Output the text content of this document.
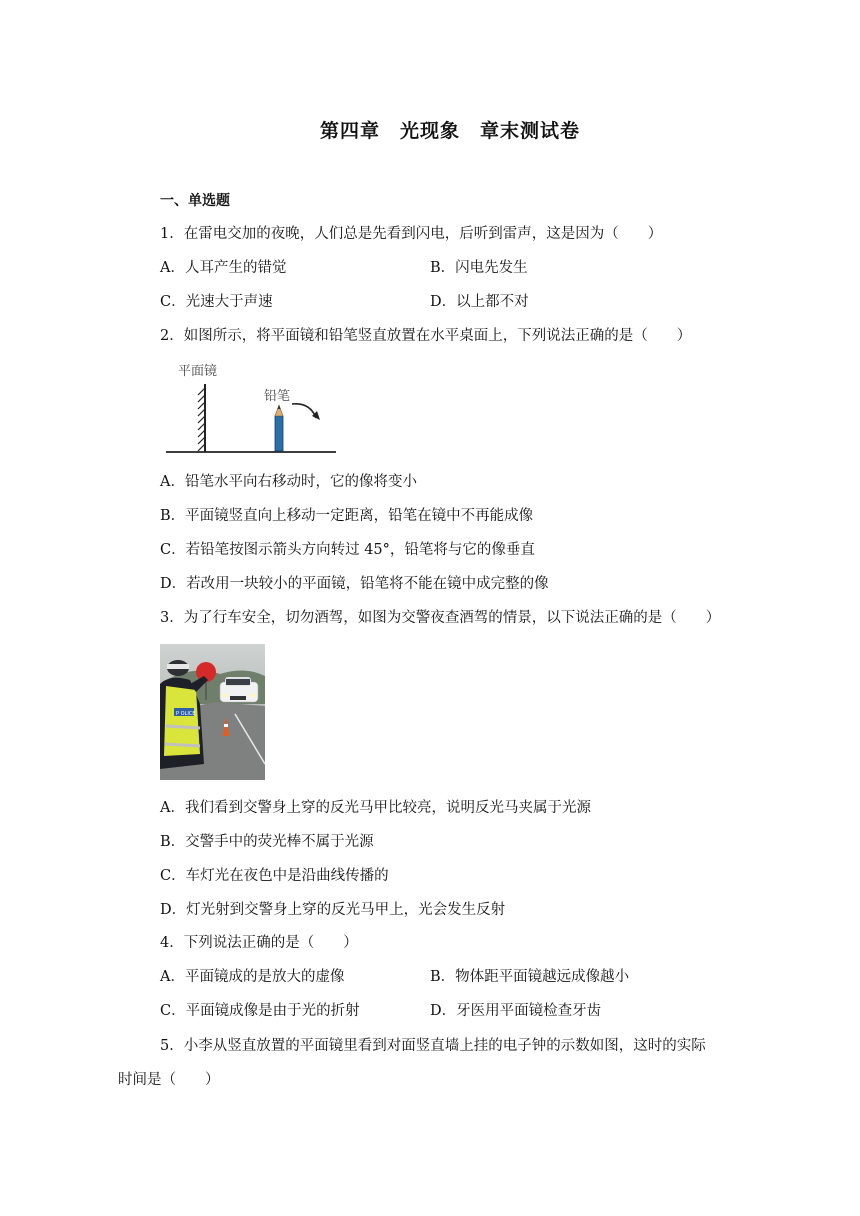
第四章　光现象　章末测试卷
一、单选题
1．在雷电交加的夜晚，人们总是先看到闪电，后听到雷声，这是因为（　　）
A．人耳产生的错觉	B．闪电先发生
C．光速大于声速	D．以上都不对
2．如图所示，将平面镜和铅笔竖直放置在水平桌面上，下列说法正确的是（　　）
平面镜
铅笔
A．铅笔水平向右移动时，它的像将变小
B．平面镜竖直向上移动一定距离，铅笔在镜中不再能成像
C．若铅笔按图示箭头方向转过 45°，铅笔将与它的像垂直
D．若改用一块较小的平面镜，铅笔将不能在镜中成完整的像
3．为了行车安全，切勿酒驾，如图为交警夜查酒驾的情景，以下说法正确的是（　　）
P OLICE
A．我们看到交警身上穿的反光马甲比较亮，说明反光马夹属于光源
B．交警手中的荧光棒不属于光源
C．车灯光在夜色中是沿曲线传播的
D．灯光射到交警身上穿的反光马甲上，光会发生反射
4．下列说法正确的是（　　）
A．平面镜成的是放大的虚像	B．物体距平面镜越远成像越小
C．平面镜成像是由于光的折射	D．牙医用平面镜检查牙齿
5．小李从竖直放置的平面镜里看到对面竖直墙上挂的电子钟的示数如图，这时的实际
时间是（　　）
